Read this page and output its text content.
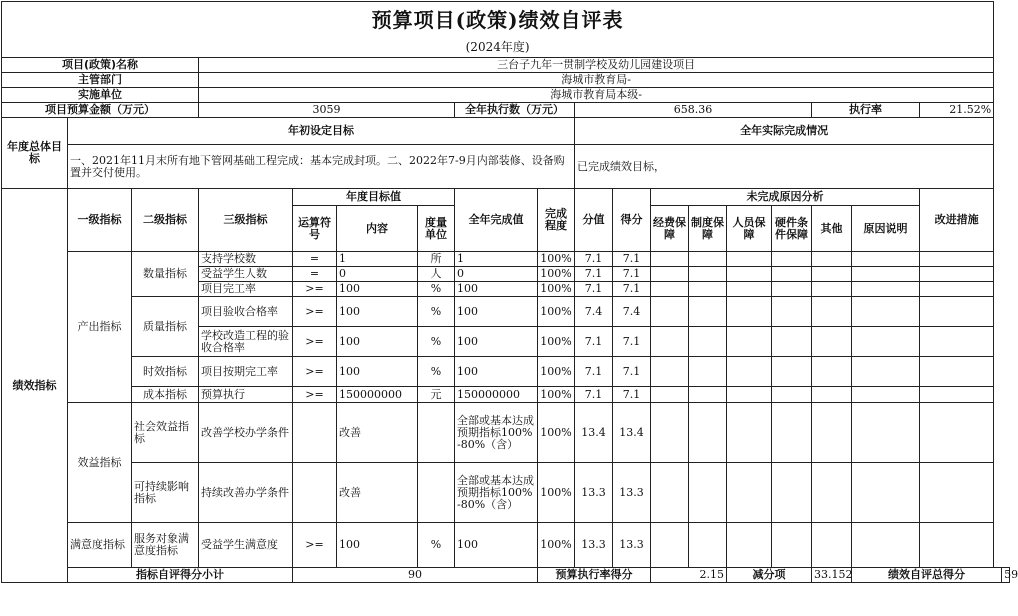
预算项目(政策)绩效自评表																		
(2024年度)																		
项目(政策)名称			三台子九年一贯制学校及幼儿园建设项目															
主管部门			海城市教育局-															
实施单位			海城市教育局本级-															
项目预算金额（万元）			3059				全年执行数（万元）		658.36						执行率		21.52%	
年度总体目标	年初设定目标								全年实际完成情况									
	一、2021年11月末所有地下管网基础工程完成：基本完成封项。二、2022年7-9月内部装修、设备购置并交付使用。								已完成绩效目标，									
绩效指标	一级指标	二级指标	三级指标	年度目标值			全年完成值	完成程度	分值	得分	未完成原因分析						改进措施	
				运算符号	内容	度量单位					经费保障	制度保障	人员保障	硬件条件保障	其他	原因说明		
	产出指标	数量指标	支持学校数	=	1	所	1	100%	7.1	7.1								
			受益学生人数	=	0	人	0	100%	7.1	7.1								
			项目完工率	>=	100	%	100	100%	7.1	7.1								
		质量指标	项目验收合格率	>=	100	%	100	100%	7.4	7.4								
			学校改造工程的验收合格率	>=	100	%	100	100%	7.1	7.1								
		时效指标	项目按期完工率	>=	100	%	100	100%	7.1	7.1								
		成本指标	预算执行	>=	150000000	元	150000000	100%	7.1	7.1								
	效益指标	社会效益指标	改善学校办学条件		改善		全部或基本达成预期指标100%-80%（含）	100%	13.4	13.4								
		可持续影响指标	持续改善办学条件		改善		全部或基本达成预期指标100%-80%（含）	100%	13.3	13.3								
	满意度指标	服务对象满意度指标	受益学生满意度	>=	100	%	100	100%	13.3	13.3								
	指标自评得分小计			90				预算执行率得分			2.15		减分项		33.152	绩效自评总得分		59
